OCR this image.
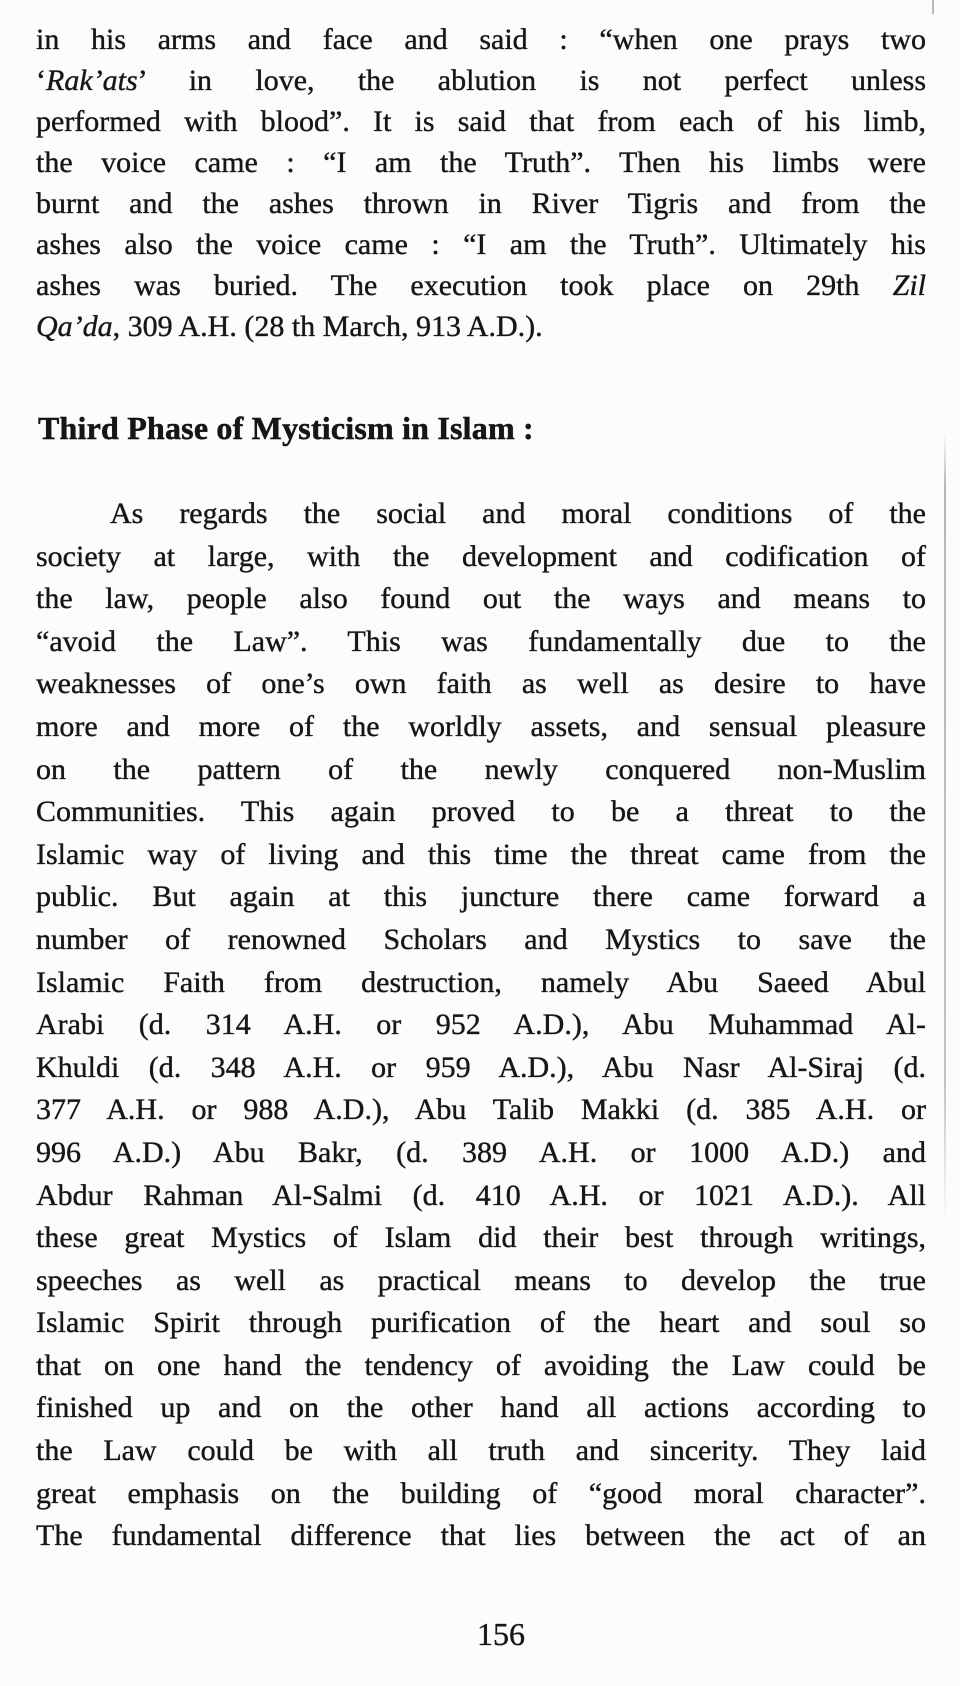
in his arms and face and said : “when one prays two
‘Rak’ats’ in love, the ablution is not perfect unless
performed with blood”. It is said that from each of his limb,
the voice came : “I am the Truth”. Then his limbs were
burnt and the ashes thrown in River Tigris and from the
ashes also the voice came : “I am the Truth”. Ultimately his
ashes was buried. The execution took place on 29th Zil
Qa’da, 309 A.H. (28 th March, 913 A.D.).
Third Phase of Mysticism in Islam :
As regards the social and moral conditions of the
society at large, with the development and codification of
the law, people also found out the ways and means to
“avoid the Law”. This was fundamentally due to the
weaknesses of one’s own faith as well as desire to have
more and more of the worldly assets, and sensual pleasure
on the pattern of the newly conquered non-Muslim
Communities. This again proved to be a threat to the
Islamic way of living and this time the threat came from the
public. But again at this juncture there came forward a
number of renowned Scholars and Mystics to save the
Islamic Faith from destruction, namely Abu Saeed Abul
Arabi (d. 314 A.H. or 952 A.D.), Abu Muhammad Al-
Khuldi (d. 348 A.H. or 959 A.D.), Abu Nasr Al-Siraj (d.
377 A.H. or 988 A.D.), Abu Talib Makki (d. 385 A.H. or
996 A.D.) Abu Bakr, (d. 389 A.H. or 1000 A.D.) and
Abdur Rahman Al-Salmi (d. 410 A.H. or 1021 A.D.). All
these great Mystics of Islam did their best through writings,
speeches as well as practical means to develop the true
Islamic Spirit through purification of the heart and soul so
that on one hand the tendency of avoiding the Law could be
finished up and on the other hand all actions according to
the Law could be with all truth and sincerity. They laid
great emphasis on the building of “good moral character”.
The fundamental difference that lies between the act of an
156
